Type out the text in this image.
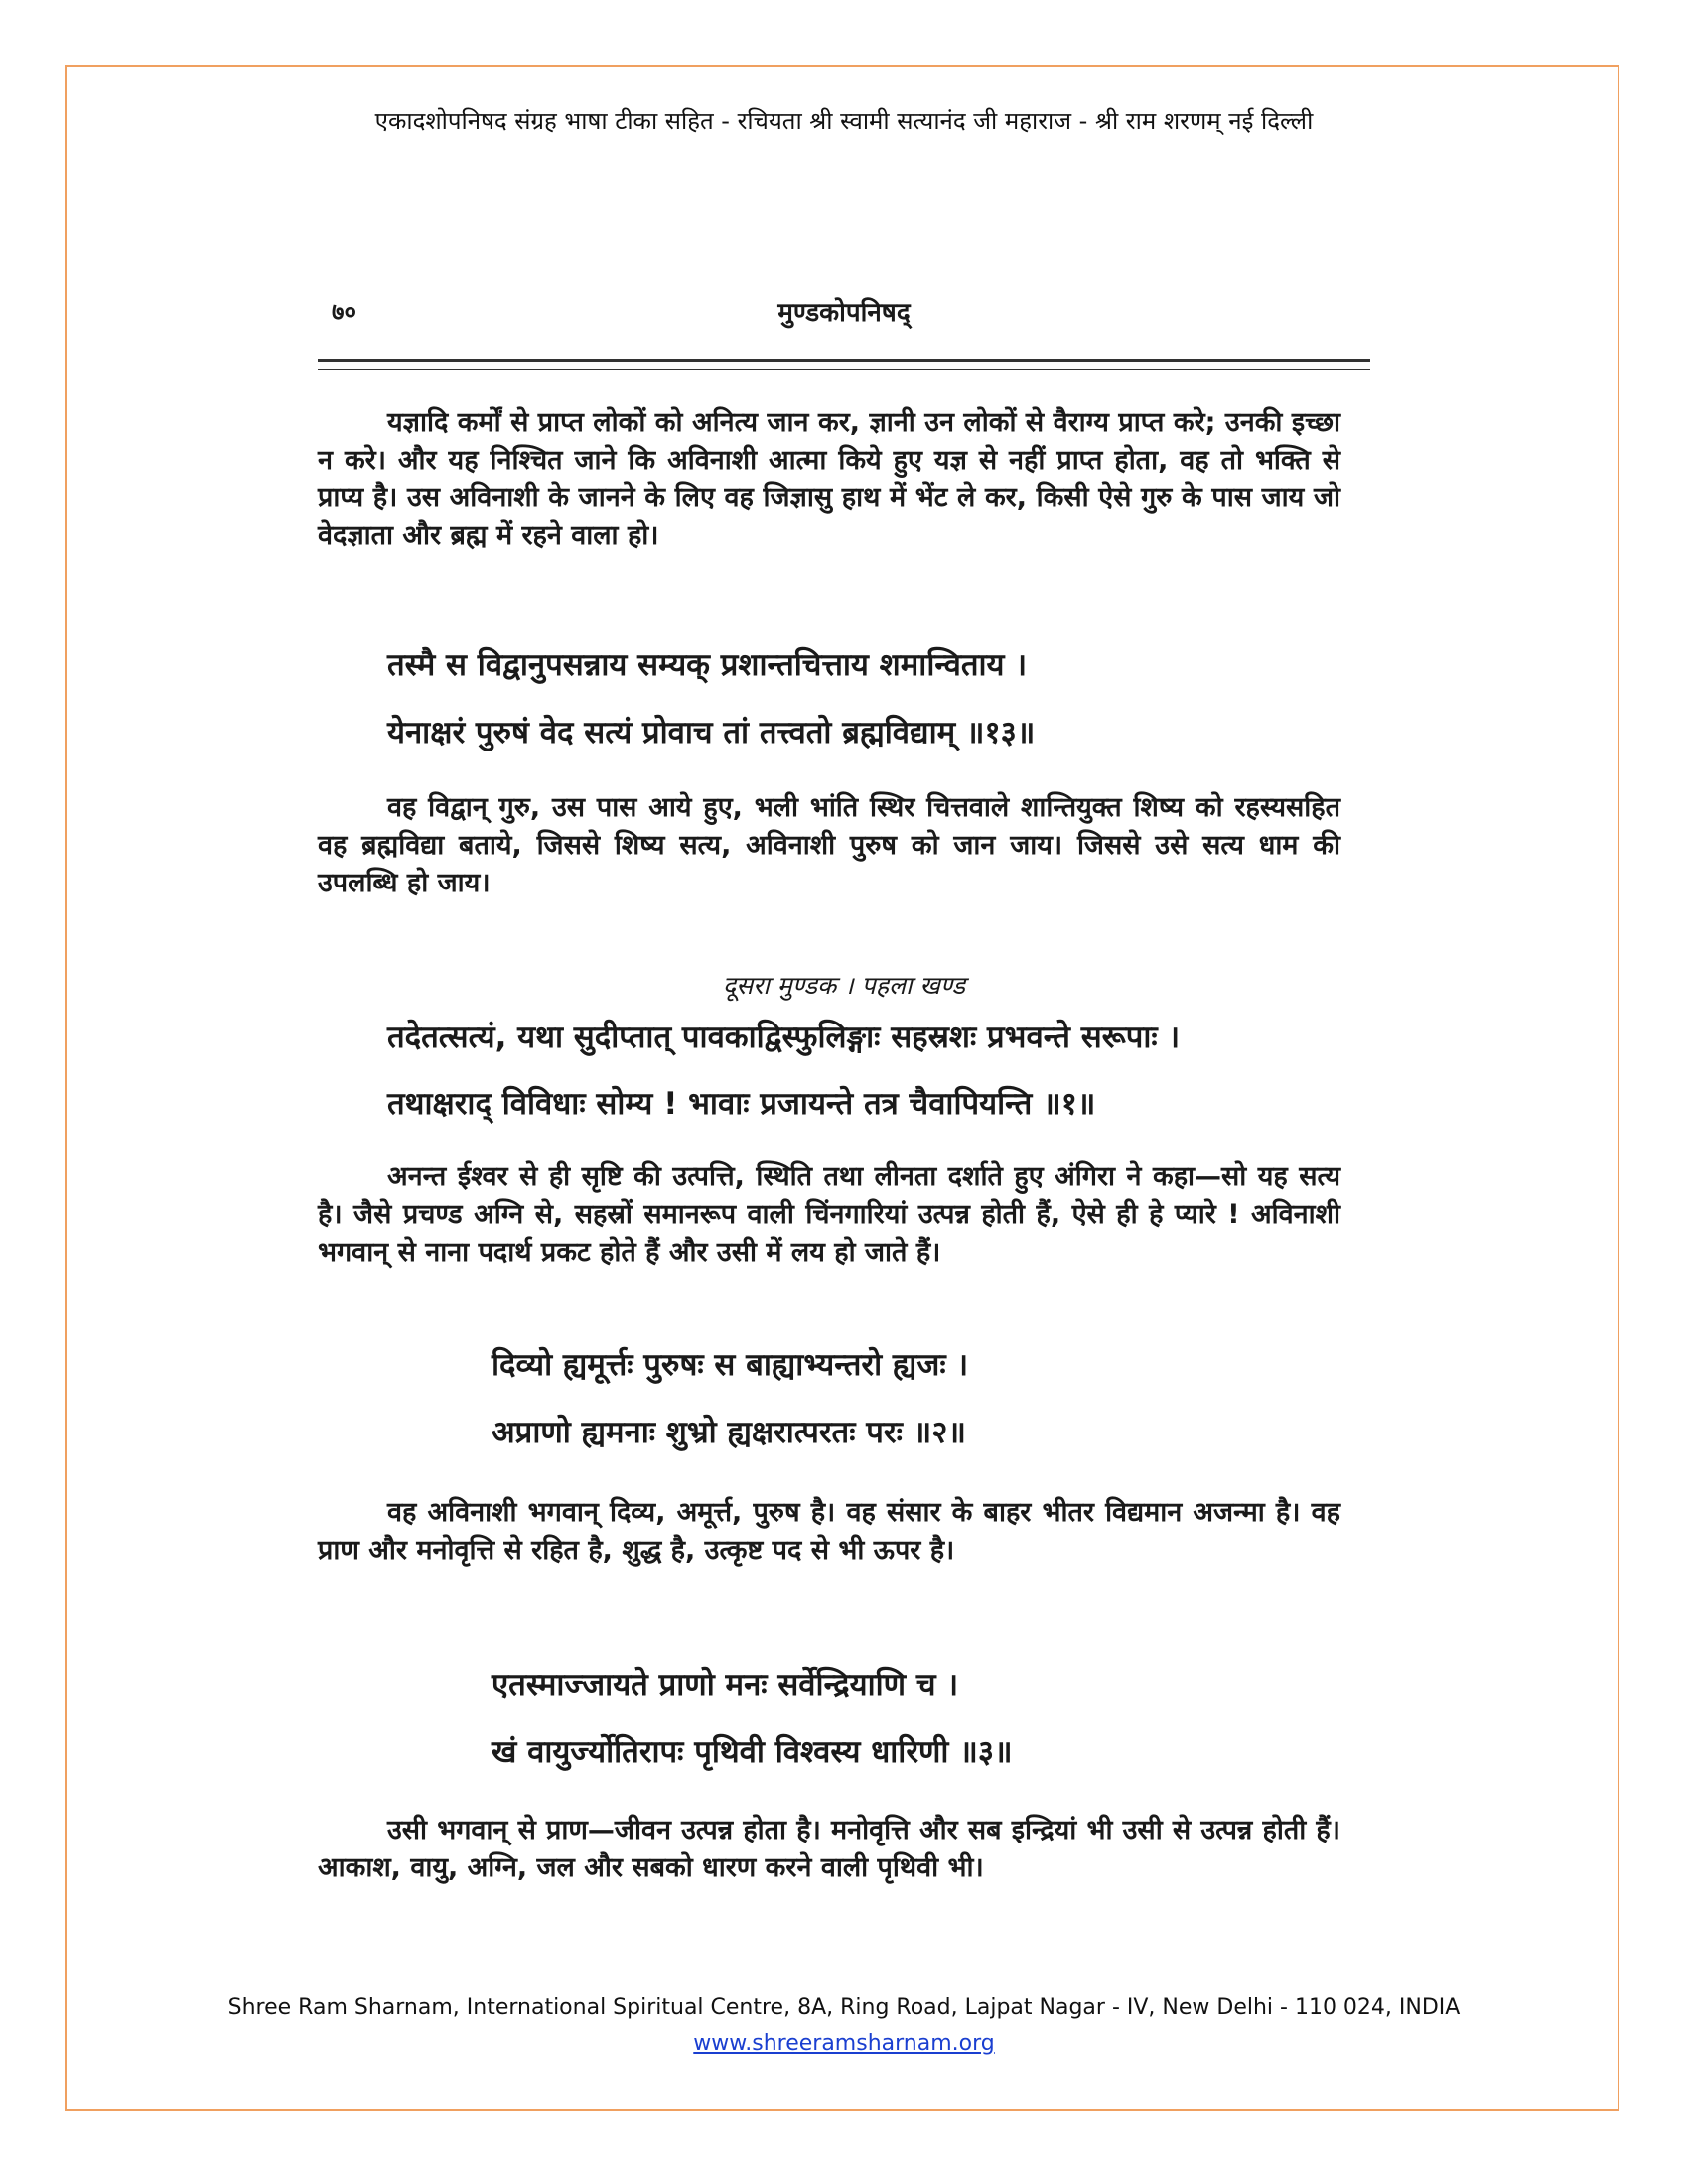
एकादशोपनिषद संग्रह भाषा टीका सहित - रचियता श्री स्वामी सत्यानंद जी महाराज - श्री राम शरणम् नई दिल्ली
७०	मुण्डकोपनिषद्

यज्ञादि कर्मों से प्राप्त लोकों को अनित्य जान कर, ज्ञानी उन लोकों से वैराग्य प्राप्त करे; उनकी इच्छा न करे। और यह निश्चित जाने कि अविनाशी आत्मा किये हुए यज्ञ से नहीं प्राप्त होता, वह तो भक्ति से प्राप्य है। उस अविनाशी के जानने के लिए वह जिज्ञासु हाथ में भेंट ले कर, किसी ऐसे गुरु के पास जाय जो वेदज्ञाता और ब्रह्म में रहने वाला हो।

तस्मै स विद्वानुपसन्नाय सम्यक् प्रशान्तचित्ताय शमान्विताय ।
येनाक्षरं पुरुषं वेद सत्यं प्रोवाच तां तत्त्वतो ब्रह्मविद्याम् ॥१३॥

वह विद्वान् गुरु, उस पास आये हुए, भली भांति स्थिर चित्तवाले शान्तियुक्त शिष्य को रहस्यसहित वह ब्रह्मविद्या बताये, जिससे शिष्य सत्य, अविनाशी पुरुष को जान जाय। जिससे उसे सत्य धाम की उपलब्धि हो जाय।

दूसरा मुण्डक । पहला खण्ड
तदेतत्सत्यं, यथा सुदीप्तात् पावकाद्विस्फुलिङ्गाः सहस्रशः प्रभवन्ते सरूपाः ।
तथाक्षराद् विविधाः सोम्य ! भावाः प्रजायन्ते तत्र चैवापियन्ति ॥१॥

अनन्त ईश्वर से ही सृष्टि की उत्पत्ति, स्थिति तथा लीनता दर्शाते हुए अंगिरा ने कहा—सो यह सत्य है। जैसे प्रचण्ड अग्नि से, सहस्रों समानरूप वाली चिंनगारियां उत्पन्न होती हैं, ऐसे ही हे प्यारे ! अविनाशी भगवान् से नाना पदार्थ प्रकट होते हैं और उसी में लय हो जाते हैं।

दिव्यो ह्यमूर्त्तः पुरुषः स बाह्याभ्यन्तरो ह्यजः ।
अप्राणो ह्यमनाः शुभ्रो ह्यक्षरात्परतः परः ॥२॥

वह अविनाशी भगवान् दिव्य, अमूर्त्त, पुरुष है। वह संसार के बाहर भीतर विद्यमान अजन्मा है। वह प्राण और मनोवृत्ति से रहित है, शुद्ध है, उत्कृष्ट पद से भी ऊपर है।

एतस्माज्जायते प्राणो मनः सर्वेन्द्रियाणि च ।
खं वायुर्ज्योतिरापः पृथिवी विश्वस्य धारिणी ॥३॥

उसी भगवान् से प्राण—जीवन उत्पन्न होता है। मनोवृत्ति और सब इन्द्रियां भी उसी से उत्पन्न होती हैं। आकाश, वायु, अग्नि, जल और सबको धारण करने वाली पृथिवी भी।

Shree Ram Sharnam, International Spiritual Centre, 8A, Ring Road, Lajpat Nagar - IV, New Delhi - 110 024, INDIA
www.shreeramsharnam.org
